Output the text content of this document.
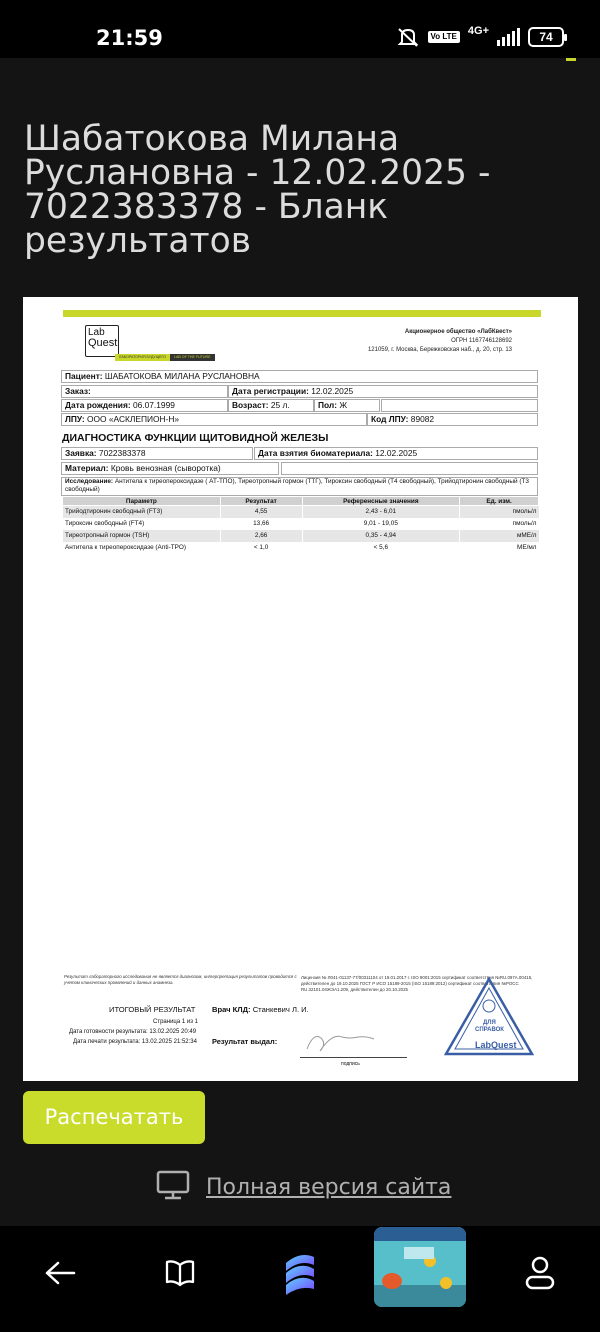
21:59	Vo LTE 4G+	74
Шабатокова Милана Руслановна - 12.02.2025 - 7022383378 - Бланк результатов
Lab
Quest
ЛАБОРАТОРИЯ БУДУЩЕГО	LAB OF THE FUTURE
Акционерное общество «ЛабКвест»
ОГРН 1167746128692
121059, г. Москва, Бережковская наб., д. 20, стр. 13
Пациент: ШАБАТОКОВА МИЛАНА РУСЛАНОВНА
Заказ:	Дата регистрации: 12.02.2025
Дата рождения: 06.07.1999	Возраст: 25 л.	Пол: Ж
ЛПУ: ООО «АСКЛЕПИОН-Н»	Код ЛПУ: 89082
ДИАГНОСТИКА ФУНКЦИИ ЩИТОВИДНОЙ ЖЕЛЕЗЫ
Заявка: 7022383378	Дата взятия биоматериала: 12.02.2025
Материал: Кровь венозная (сыворотка)
Исследование: Антитела к тиреопероксидазе ( АТ-ТПО), Тиреотропный гормон (ТТГ), Тироксин свободный (Т4 свободный), Трийодтиронин свободный (Т3 свободный)
Параметр	Результат	Референсные значения	Ед. изм.
Трийодтиронин свободный (FT3)	4,55	2,43 - 6,01	пмоль/л
Тироксин свободный (FT4)	13,66	9,01 - 19,05	пмоль/л
Тиреотропный гормон (TSH)	2,66	0,35 - 4,94	мМЕ/л
Антитела к тиреопероксидазе (Anti-TPO)	< 1,0	< 5,6	МЕ/мл
Результат лабораторного исследования не является диагнозом, интерпретация результатов проводится с учетом клинических проявлений и данных анамнеза.
Лицензия № Л041-01137-77/00311104 от 19.01.2017 г. ISO 9001:2015 сертификат соответствия №RU.097А.00415, действителен до 19.10.2025 ГОСТ Р ИСО 15189-2015 (ISO 15189:2012) сертификат соответствия №РОСС RU.32101.04ЖЭА1.209, действителен до 20.10.2025
ИТОГОВЫЙ РЕЗУЛЬТАТ Врач КЛД: Станкевич Л. И.
Страница 1 из 1
Дата готовности результата: 13.02.2025 20:49
Дата печати результата: 13.02.2025 21:52:34 Результат выдал:
подпись
ДЛЯ
СПРАВОК
LabQuest
Распечатать
Полная версия сайта
